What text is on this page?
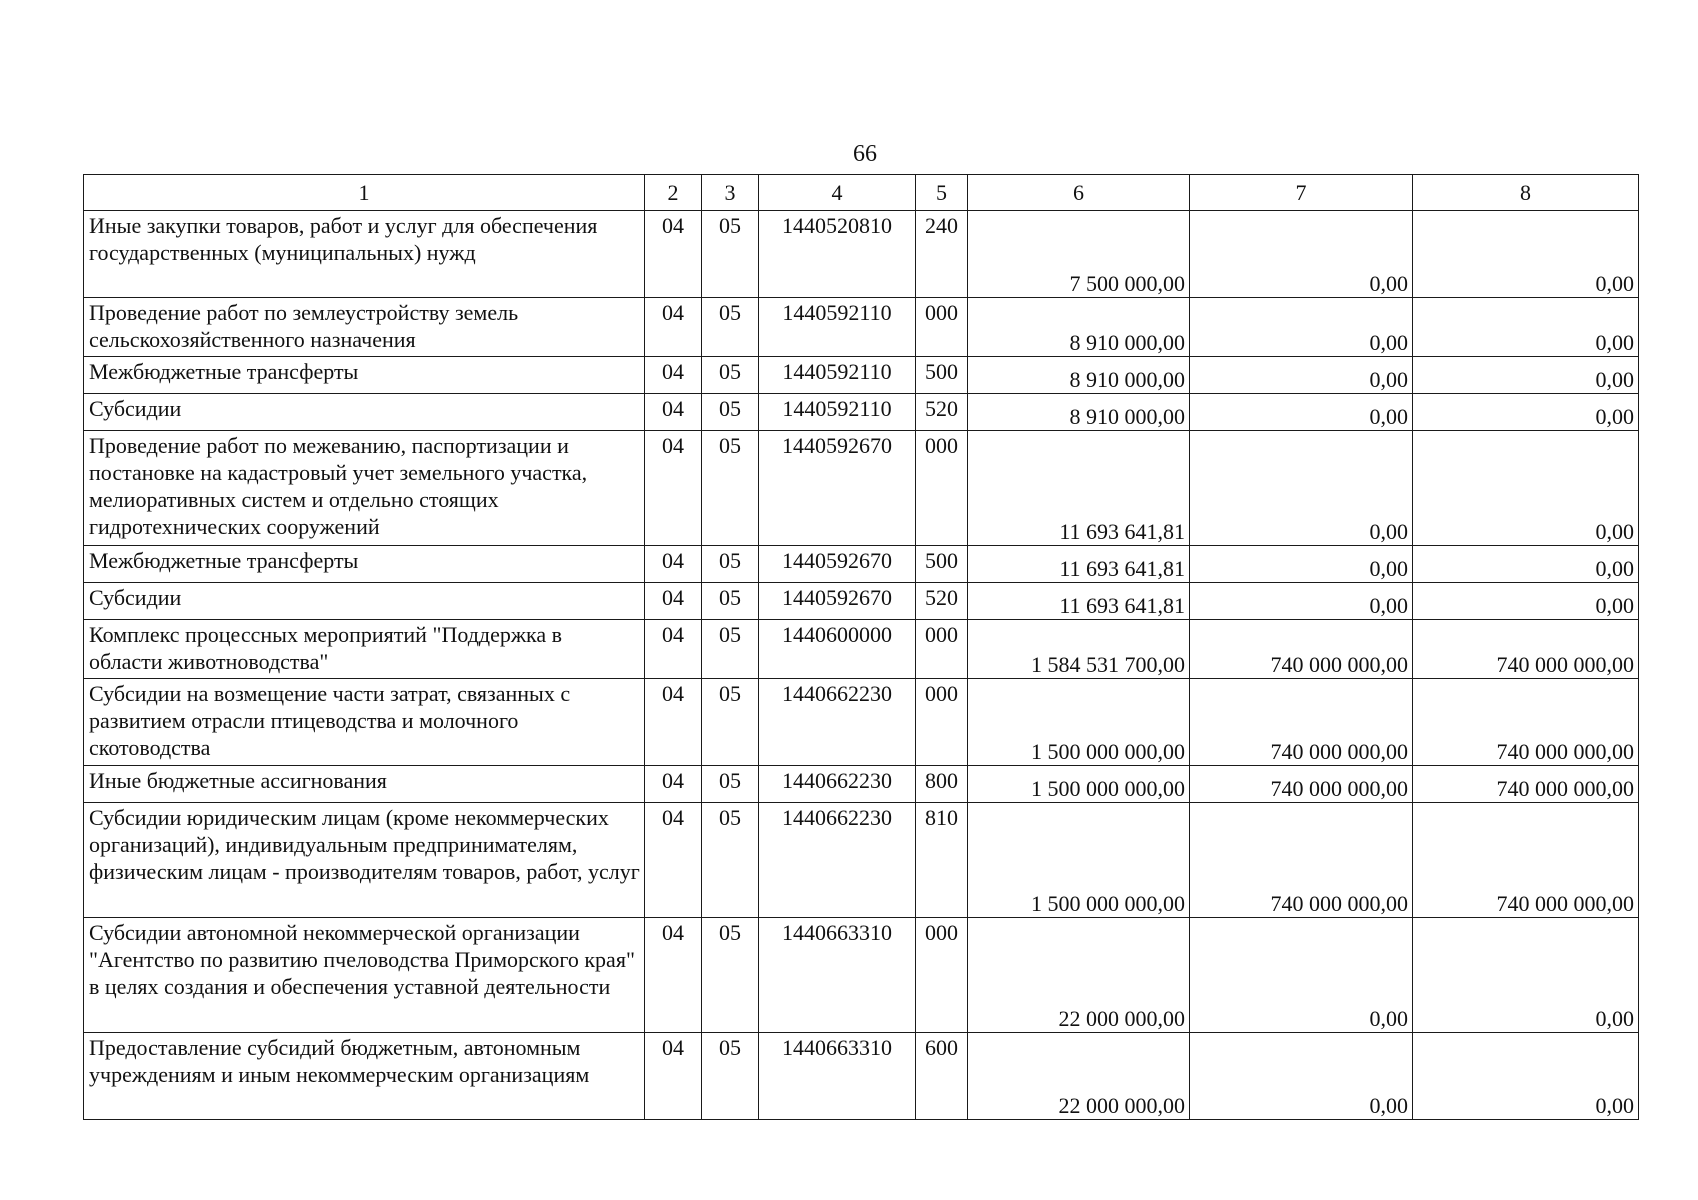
66
1	2	3	4	5	6	7	8
Иные закупки товаров, работ и услуг для обеспечения государственных (муниципальных) нужд	04	05	1440520810	240	7 500 000,00	0,00	0,00
Проведение работ по землеустройству земель сельскохозяйственного назначения	04	05	1440592110	000	8 910 000,00	0,00	0,00
Межбюджетные трансферты	04	05	1440592110	500	8 910 000,00	0,00	0,00
Субсидии	04	05	1440592110	520	8 910 000,00	0,00	0,00
Проведение работ по межеванию, паспортизации и постановке на кадастровый учет земельного участка, мелиоративных систем и отдельно стоящих гидротехнических сооружений	04	05	1440592670	000	11 693 641,81	0,00	0,00
Межбюджетные трансферты	04	05	1440592670	500	11 693 641,81	0,00	0,00
Субсидии	04	05	1440592670	520	11 693 641,81	0,00	0,00
Комплекс процессных мероприятий "Поддержка в области животноводства"	04	05	1440600000	000	1 584 531 700,00	740 000 000,00	740 000 000,00
Субсидии на возмещение части затрат, связанных с развитием отрасли птицеводства и молочного скотоводства	04	05	1440662230	000	1 500 000 000,00	740 000 000,00	740 000 000,00
Иные бюджетные ассигнования	04	05	1440662230	800	1 500 000 000,00	740 000 000,00	740 000 000,00
Субсидии юридическим лицам (кроме некоммерческих организаций), индивидуальным предпринимателям, физическим лицам - производителям товаров, работ, услуг	04	05	1440662230	810	1 500 000 000,00	740 000 000,00	740 000 000,00
Субсидии автономной некоммерческой организации "Агентство по развитию пчеловодства Приморского края" в целях создания и обеспечения уставной деятельности	04	05	1440663310	000	22 000 000,00	0,00	0,00
Предоставление субсидий бюджетным, автономным учреждениям и иным некоммерческим организациям	04	05	1440663310	600	22 000 000,00	0,00	0,00
